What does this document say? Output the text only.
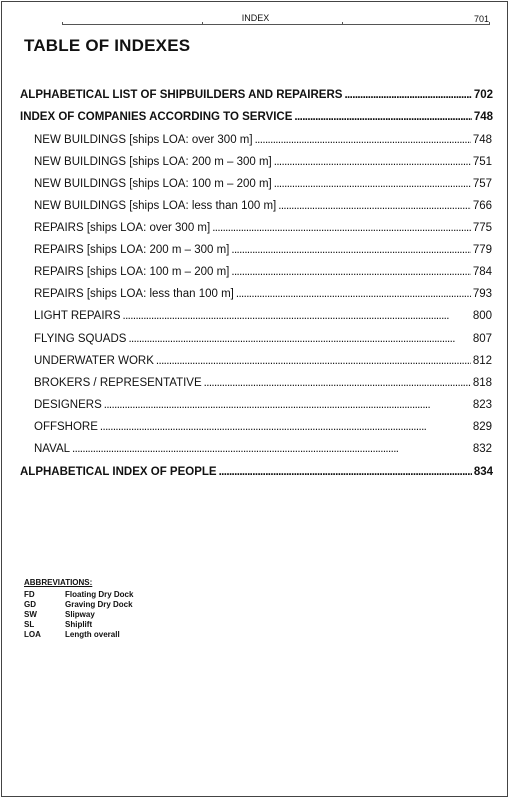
INDEX	701
TABLE OF INDEXES
ALPHABETICAL LIST OF SHIPBUILDERS AND REPAIRERS . . .	702
INDEX OF COMPANIES ACCORDING TO SERVICE . . .	748
NEW BUILDINGS [ships LOA: over 300 m] . . .	748
NEW BUILDINGS [ships LOA: 200 m – 300 m] . . .	751
NEW BUILDINGS [ships LOA: 100 m – 200 m] . . .	757
NEW BUILDINGS [ships LOA: less than 100 m] . . .	766
REPAIRS [ships LOA: over 300 m] . . .	775
REPAIRS [ships LOA: 200 m – 300 m] . . .	779
REPAIRS [ships LOA: 100 m – 200 m] . . .	784
REPAIRS [ships LOA: less than 100 m] . . .	793
LIGHT REPAIRS . . .	800
FLYING SQUADS . . .	807
UNDERWATER WORK . . .	812
BROKERS / REPRESENTATIVE . . .	818
DESIGNERS . . .	823
OFFSHORE . . .	829
NAVAL . . .	832
ALPHABETICAL INDEX OF PEOPLE . . .	834
ABBREVIATIONS:
FD	Floating Dry Dock
GD	Graving Dry Dock
SW	Slipway
SL	Shiplift
LOA	Length overall
